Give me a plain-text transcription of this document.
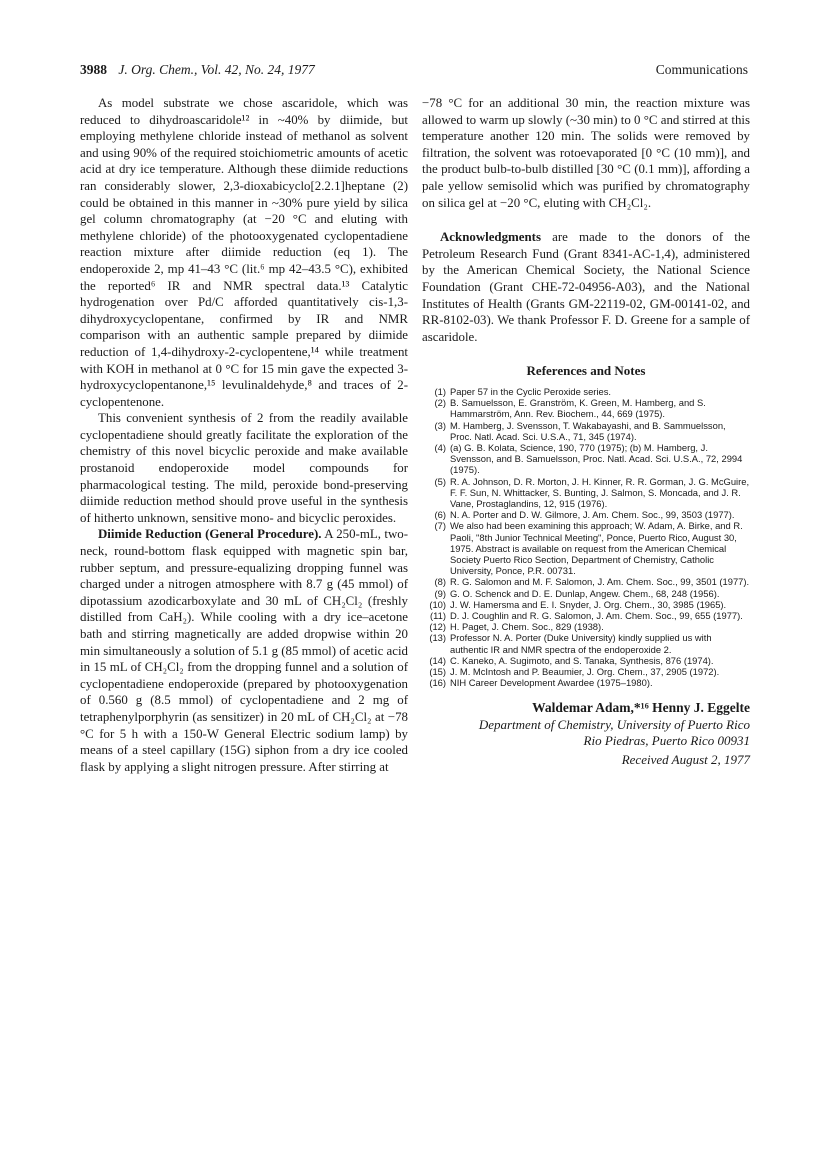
3988 J. Org. Chem., Vol. 42, No. 24, 1977	Communications

As model substrate we chose ascaridole, which was reduced to dihydroascaridole¹² in ~40% by diimide, but employing methylene chloride instead of methanol as solvent and using 90% of the required stoichiometric amounts of acetic acid at dry ice temperature. Although these diimide reductions ran considerably slower, 2,3-dioxabicyclo[2.2.1]heptane (2) could be obtained in this manner in ~30% pure yield by silica gel column chromatography (at −20 °C and eluting with methylene chloride) of the photooxygenated cyclopentadiene reaction mixture after diimide reduction (eq 1). The endoperoxide 2, mp 41–43 °C (lit.⁶ mp 42–43.5 °C), exhibited the reported⁶ IR and NMR spectral data.¹³ Catalytic hydrogenation over Pd/C afforded quantitatively cis-1,3-dihydroxycyclopentane, confirmed by IR and NMR comparison with an authentic sample prepared by diimide reduction of 1,4-dihydroxy-2-cyclopentene,¹⁴ while treatment with KOH in methanol at 0 °C for 15 min gave the expected 3-hydroxycyclopentanone,¹⁵ levulinaldehyde,⁸ and traces of 2-cyclopentenone.

This convenient synthesis of 2 from the readily available cyclopentadiene should greatly facilitate the exploration of the chemistry of this novel bicyclic peroxide and make available prostanoid endoperoxide model compounds for pharmacological testing. The mild, peroxide bond-preserving diimide reduction method should prove useful in the synthesis of hitherto unknown, sensitive mono- and bicyclic peroxides.

Diimide Reduction (General Procedure). A 250-mL, two-neck, round-bottom flask equipped with magnetic spin bar, rubber septum, and pressure-equalizing dropping funnel was charged under a nitrogen atmosphere with 8.7 g (45 mmol) of dipotassium azodicarboxylate and 30 mL of CH₂Cl₂ (freshly distilled from CaH₂). While cooling with a dry ice–acetone bath and stirring magnetically are added dropwise within 20 min simultaneously a solution of 5.1 g (85 mmol) of acetic acid in 15 mL of CH₂Cl₂ from the dropping funnel and a solution of cyclopentadiene endoperoxide (prepared by photooxygenation of 0.560 g (8.5 mmol) of cyclopentadiene and 2 mg of tetraphenylporphyrin (as sensitizer) in 20 mL of CH₂Cl₂ at −78 °C for 5 h with a 150-W General Electric sodium lamp) by means of a steel capillary (15G) siphon from a dry ice cooled flask by applying a slight nitrogen pressure. After stirring at

−78 °C for an additional 30 min, the reaction mixture was allowed to warm up slowly (~30 min) to 0 °C and stirred at this temperature another 120 min. The solids were removed by filtration, the solvent was rotoevaporated [0 °C (10 mm)], and the product bulb-to-bulb distilled [30 °C (0.1 mm)], affording a pale yellow semisolid which was purified by chromatography on silica gel at −20 °C, eluting with CH₂Cl₂.

Acknowledgments are made to the donors of the Petroleum Research Fund (Grant 8341-AC-1,4), administered by the American Chemical Society, the National Science Foundation (Grant CHE-72-04956-A03), and the National Institutes of Health (Grants GM-22119-02, GM-00141-02, and RR-8102-03). We thank Professor F. D. Greene for a sample of ascaridole.

References and Notes
(1) Paper 57 in the Cyclic Peroxide series.
(2) B. Samuelsson, E. Granström, K. Green, M. Hamberg, and S. Hammarström, Ann. Rev. Biochem., 44, 669 (1975).
(3) M. Hamberg, J. Svensson, T. Wakabayashi, and B. Sammuelsson, Proc. Natl. Acad. Sci. U.S.A., 71, 345 (1974).
(4) (a) G. B. Kolata, Science, 190, 770 (1975); (b) M. Hamberg, J. Svensson, and B. Samuelsson, Proc. Natl. Acad. Sci. U.S.A., 72, 2994 (1975).
(5) R. A. Johnson, D. R. Morton, J. H. Kinner, R. R. Gorman, J. G. McGuire, F. F. Sun, N. Whittacker, S. Bunting, J. Salmon, S. Moncada, and J. R. Vane, Prostaglandins, 12, 915 (1976).
(6) N. A. Porter and D. W. Gilmore, J. Am. Chem. Soc., 99, 3503 (1977).
(7) We also had been examining this approach; W. Adam, A. Birke, and R. Paoli, "8th Junior Technical Meeting", Ponce, Puerto Rico, August 30, 1975. Abstract is available on request from the American Chemical Society Puerto Rico Section, Department of Chemistry, Catholic University, Ponce, P.R. 00731.
(8) R. G. Salomon and M. F. Salomon, J. Am. Chem. Soc., 99, 3501 (1977).
(9) G. O. Schenck and D. E. Dunlap, Angew. Chem., 68, 248 (1956).
(10) J. W. Hamersma and E. I. Snyder, J. Org. Chem., 30, 3985 (1965).
(11) D. J. Coughlin and R. G. Salomon, J. Am. Chem. Soc., 99, 655 (1977).
(12) H. Paget, J. Chem. Soc., 829 (1938).
(13) Professor N. A. Porter (Duke University) kindly supplied us with authentic IR and NMR spectra of the endoperoxide 2.
(14) C. Kaneko, A. Sugimoto, and S. Tanaka, Synthesis, 876 (1974).
(15) J. M. McIntosh and P. Beaumier, J. Org. Chem., 37, 2905 (1972).
(16) NIH Career Development Awardee (1975–1980).
Waldemar Adam,*¹⁶ Henny J. Eggelte
Department of Chemistry, University of Puerto Rico
Rio Piedras, Puerto Rico 00931
Received August 2, 1977
